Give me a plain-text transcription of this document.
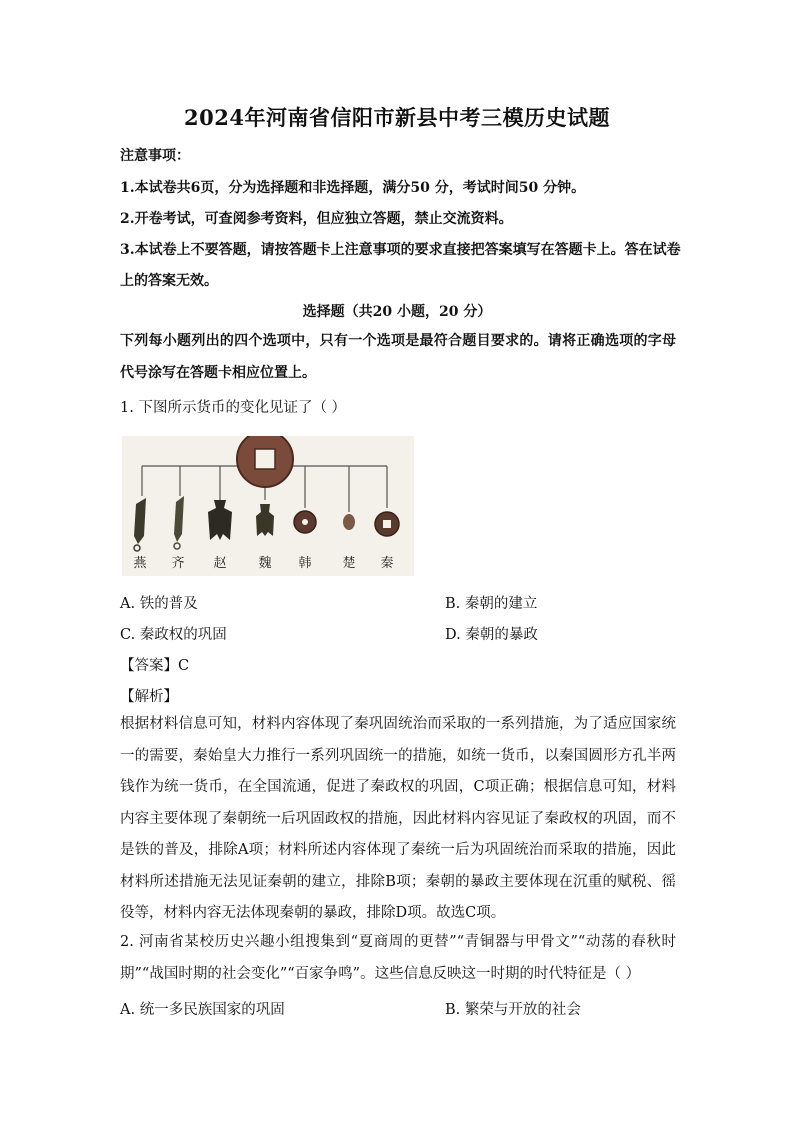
2024年河南省信阳市新县中考三模历史试题
注意事项：
1.本试卷共6页，分为选择题和非选择题，满分50 分，考试时间50 分钟。
2.开卷考试，可查阅参考资料，但应独立答题，禁止交流资料。
3.本试卷上不要答题，请按答题卡上注意事项的要求直接把答案填写在答题卡上。答在试卷
上的答案无效。
选择题（共20 小题，20 分）
下列每小题列出的四个选项中，只有一个选项是最符合题目要求的。请将正确选项的字母代号涂写在答题卡相应位置上。
1. 下图所示货币的变化见证了（ ）
燕	齐	赵	魏	韩	楚	秦
A. 铁的普及	B. 秦朝的建立
C. 秦政权的巩固	D. 秦朝的暴政
【答案】C
【解析】
根据材料信息可知，材料内容体现了秦巩固统治而采取的一系列措施，为了适应国家统一的需要，秦始皇大力推行一系列巩固统一的措施，如统一货币，以秦国圆形方孔半两钱作为统一货币，在全国流通，促进了秦政权的巩固，C项正确；根据信息可知，材料内容主要体现了秦朝统一后巩固政权的措施，因此材料内容见证了秦政权的巩固，而不是铁的普及，排除A项；材料所述内容体现了秦统一后为巩固统治而采取的措施，因此材料所述措施无法见证秦朝的建立，排除B项；秦朝的暴政主要体现在沉重的赋税、徭役等，材料内容无法体现秦朝的暴政，排除D项。故选C项。
2. 河南省某校历史兴趣小组搜集到“夏商周的更替”“青铜器与甲骨文”“动荡的春秋时期”“战国时期的社会变化”“百家争鸣”。这些信息反映这一时期的时代特征是（ ）
A. 统一多民族国家的巩固	B. 繁荣与开放的社会
